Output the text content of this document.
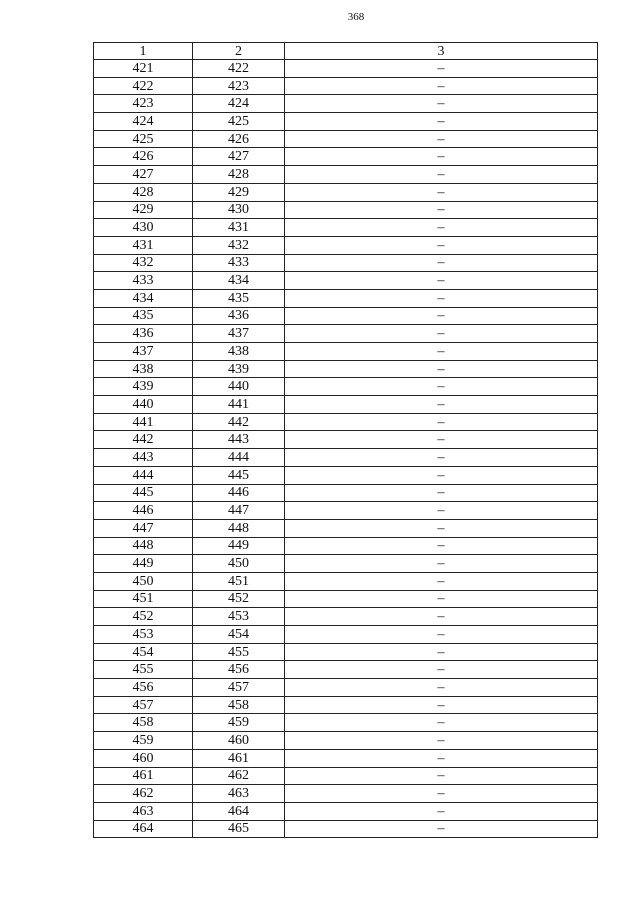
368
1	2	3
421	422	–
422	423	–
423	424	–
424	425	–
425	426	–
426	427	–
427	428	–
428	429	–
429	430	–
430	431	–
431	432	–
432	433	–
433	434	–
434	435	–
435	436	–
436	437	–
437	438	–
438	439	–
439	440	–
440	441	–
441	442	–
442	443	–
443	444	–
444	445	–
445	446	–
446	447	–
447	448	–
448	449	–
449	450	–
450	451	–
451	452	–
452	453	–
453	454	–
454	455	–
455	456	–
456	457	–
457	458	–
458	459	–
459	460	–
460	461	–
461	462	–
462	463	–
463	464	–
464	465	–
